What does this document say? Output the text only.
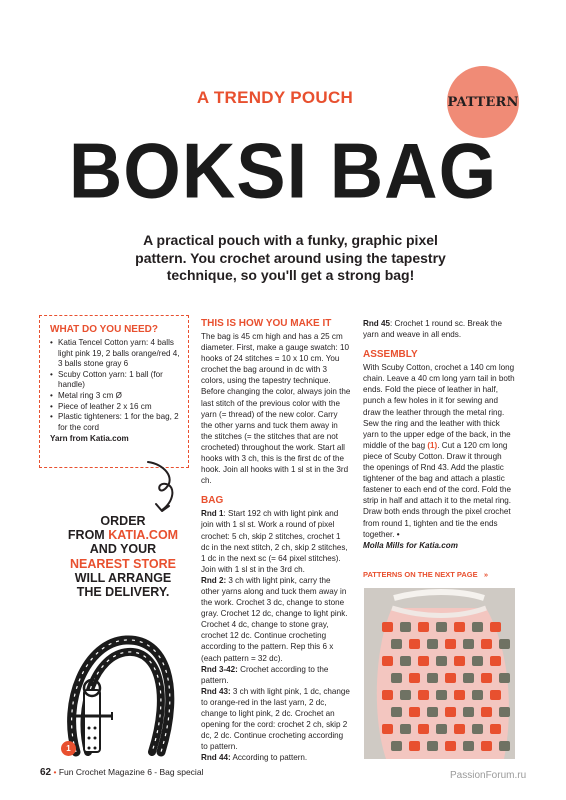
PATTERN
A TRENDY POUCH
BOKSI BAG
A practical pouch with a funky, graphic pixel pattern. You crochet around using the tapestry technique, so you'll get a strong bag!
WHAT DO YOU NEED?
• Katia Tencel Cotton yarn: 4 balls light pink 19, 2 balls orange/red 4, 3 balls stone gray 6
• Scuby Cotton yarn: 1 ball (for handle)
• Metal ring 3 cm Ø
• Piece of leather 2 x 16 cm
• Plastic tighteners: 1 for the bag, 2 for the cord
Yarn from Katia.com
ORDER
FROM KATIA.COM
AND YOUR
NEAREST STORE
WILL ARRANGE
THE DELIVERY.
1
THIS IS HOW YOU MAKE IT

The bag is 45 cm high and has a 25 cm diameter. First, make a gauge swatch: 10 hooks of 24 stitches = 10 x 10 cm. You crochet the bag around in dc with 3 colors, using the tapestry technique. Before changing the color, always join the last stitch of the previous color with the yarn (= thread) of the new color. Carry the other yarns and tuck them away in the stitches (= the stitches that are not crocheted) throughout the work. Start all hooks with 3 ch, this is the first dc of the hook. Join all hooks with 1 sl st in the 3rd ch.

BAG

Rnd 1: Start 192 ch with light pink and join with 1 sl st. Work a round of pixel crochet: 5 ch, skip 2 stitches, crochet 1 dc in the next stitch, 2 ch, skip 2 stitches, 1 dc in the next sc (= 64 pixel stitches). Join with 1 sl st in the 3rd ch.

Rnd 2: 3 ch with light pink, carry the other yarns along and tuck them away in the work. Crochet 3 dc, change to stone gray. Crochet 12 dc, change to light pink. Crochet 4 dc, change to stone gray, crochet 12 dc. Continue crocheting according to the pattern. Rep this 6 x (each pattern = 32 dc).

Rnd 3-42: Crochet according to the pattern.

Rnd 43: 3 ch with light pink, 1 dc, change to orange-red in the last yarn, 2 dc, change to light pink, 2 dc. Crochet an opening for the cord: crochet 2 ch, skip 2 dc, 2 dc. Continue crocheting according to pattern.

Rnd 44: According to pattern.

Rnd 45: Crochet 1 round sc. Break the yarn and weave in all ends.

ASSEMBLY

With Scuby Cotton, crochet a 140 cm long chain. Leave a 40 cm long yarn tail in both ends. Fold the piece of leather in half, punch a few holes in it for sewing and draw the leather through the metal ring. Sew the ring and the leather with thick yarn to the upper edge of the back, in the middle of the bag (1). Cut a 120 cm long piece of Scuby Cotton. Draw it through the openings of Rnd 43. Add the plastic tightener of the bag and attach a plastic fastener to each end of the cord. Fold the strip in half and attach it to the metal ring. Draw both ends through the pixel crochet from round 1, tighten and tie the ends together. •

Molla Mills for Katia.com

PATTERNS ON THE NEXT PAGE »
62 • Fun Crochet Magazine 6 - Bag special	PassionForum.ru
